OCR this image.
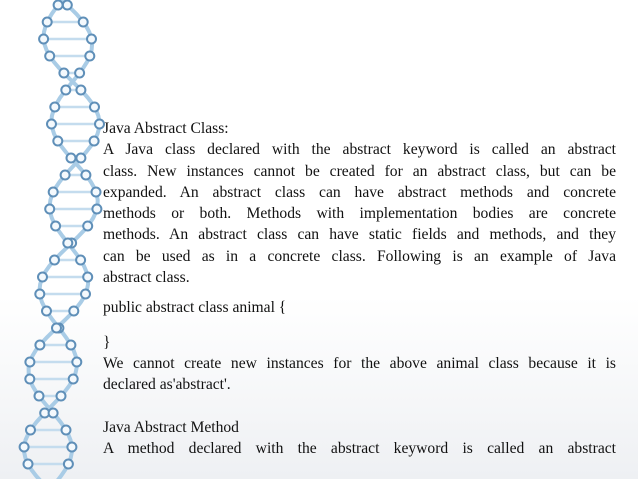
Java Abstract Class:
A Java class declared with the abstract keyword is called an abstract
class. New instances cannot be created for an abstract class, but can be
expanded. An abstract class can have abstract methods and concrete
methods or both. Methods with implementation bodies are concrete
methods. An abstract class can have static fields and methods, and they
can be used as in a concrete class. Following is an example of Java
abstract class.
public abstract class animal {
}
We cannot create new instances for the above animal class because it is
declared as'abstract'.
Java Abstract Method
A method declared with the abstract keyword is called an abstract
